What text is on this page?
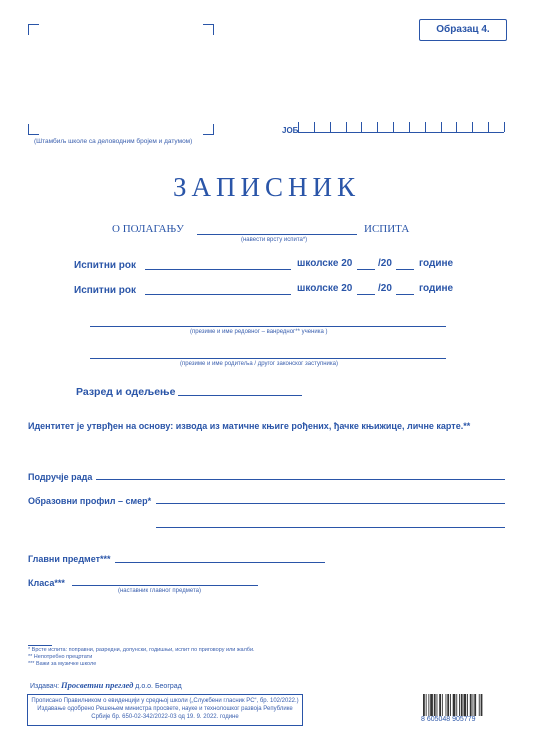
(Штамбиљ школе са деловодним бројем и датумом)
Образац 4.
ЈОБ
ЗАПИСНИК
О ПОЛАГАЊУ
(навести врсту испита*)
ИСПИТА
Испитни рок	школске 20	/20	године
Испитни рок	школске 20	/20	године
(презиме и име редовног – ванредног** ученика )
(презиме и име родитеља / другог законског заступника)
Разред и одељење
Идентитет је утврђен на основу: извода из матичне књиге рођених, ђачке књижице, личне карте.**
Подручје рада
Образовни профил – смер*
Главни предмет***
Класа***
(наставник главног предмета)
* Врсте испита: поправни, разредни, допунски, годишњи, испит по приговору или жалби.
** Непотребно прецртати
*** Важи за музичке школе
Издавач: Просветни преглед д.о.о. Београд
Прописано Правилником о евиденцији у средњој школи („Службени гласник РС“, бр. 102/2022.) Издавање одобрено Решењем министра просвете, науке и технолошког развоја Републике Србије бр. 650-02-342/2022-03 од 19. 9. 2022. године	8 605048 905779
